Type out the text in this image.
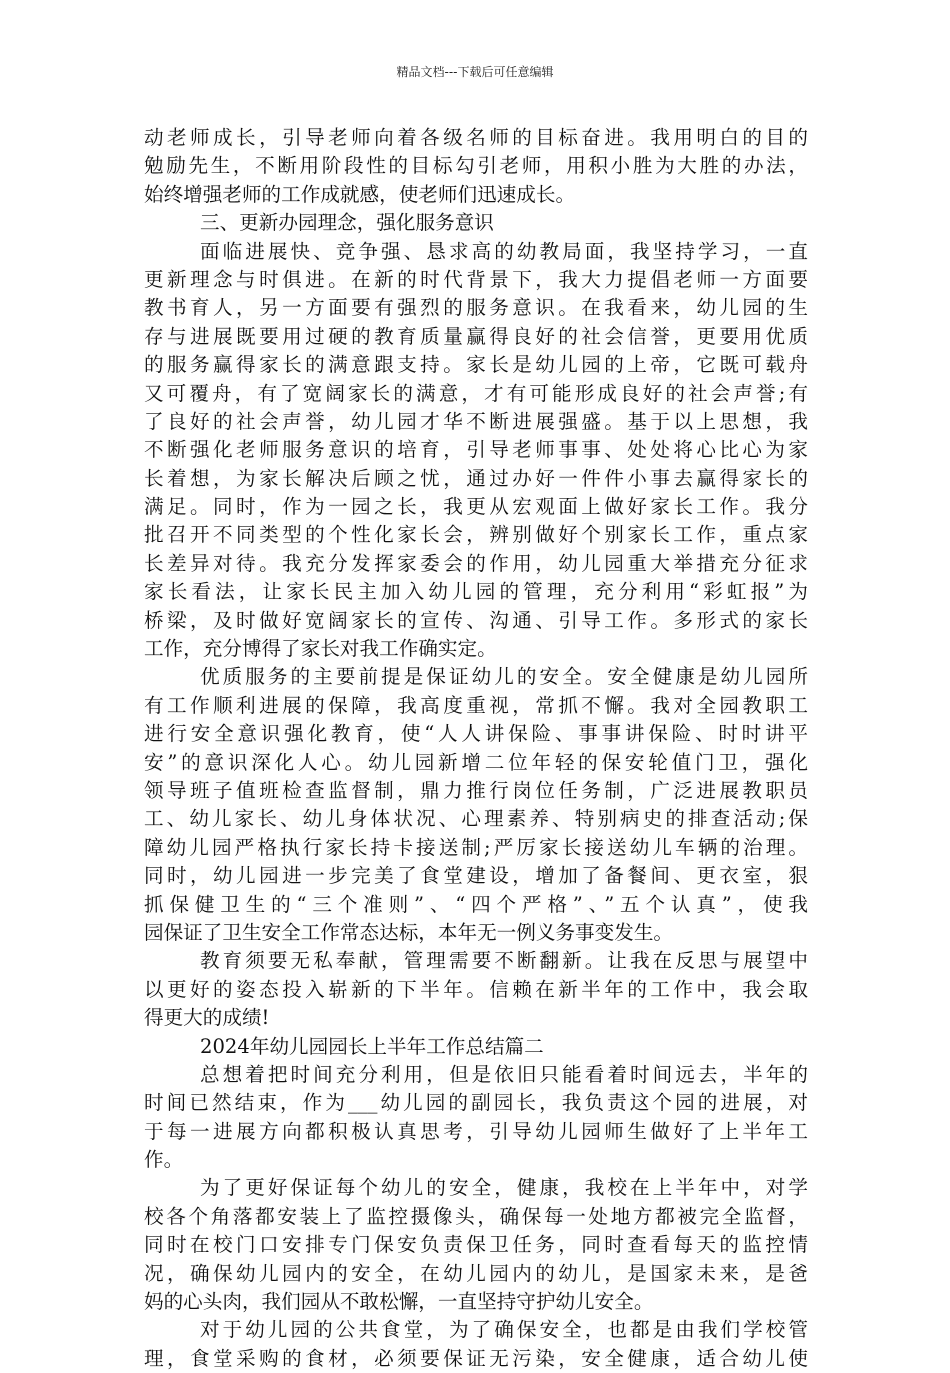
精品文档---下载后可任意编辑
动老师成长，引导老师向着各级名师的目标奋进。我用明白的目的
勉励先生，不断用阶段性的目标勾引老师，用积小胜为大胜的办法，
始终增强老师的工作成就感，使老师们迅速成长。
三、更新办园理念，强化服务意识
面临进展快、竞争强、恳求高的幼教局面，我坚持学习，一直
更新理念与时俱进。在新的时代背景下，我大力提倡老师一方面要
教书育人，另一方面要有强烈的服务意识。在我看来，幼儿园的生
存与进展既要用过硬的教育质量赢得良好的社会信誉，更要用优质
的服务赢得家长的满意跟支持。家长是幼儿园的上帝，它既可载舟
又可覆舟，有了宽阔家长的满意，才有可能形成良好的社会声誉;有
了良好的社会声誉，幼儿园才华不断进展强盛。基于以上思想，我
不断强化老师服务意识的培育，引导老师事事、处处将心比心为家
长着想，为家长解决后顾之忧，通过办好一件件小事去赢得家长的
满足。同时，作为一园之长，我更从宏观面上做好家长工作。我分
批召开不同类型的个性化家长会，辨别做好个别家长工作，重点家
长差异对待。我充分发挥家委会的作用，幼儿园重大举措充分征求
家长看法，让家长民主加入幼儿园的管理，充分利用“彩虹报”为
桥梁，及时做好宽阔家长的宣传、沟通、引导工作。多形式的家长
工作，充分博得了家长对我工作确实定。
优质服务的主要前提是保证幼儿的安全。安全健康是幼儿园所
有工作顺利进展的保障，我高度重视，常抓不懈。我对全园教职工
进行安全意识强化教育，使“人人讲保险、事事讲保险、时时讲平
安”的意识深化人心。幼儿园新增二位年轻的保安轮值门卫，强化
领导班子值班检查监督制，鼎力推行岗位任务制，广泛进展教职员
工、幼儿家长、幼儿身体状况、心理素养、特别病史的排查活动;保
障幼儿园严格执行家长持卡接送制;严厉家长接送幼儿车辆的治理。
同时，幼儿园进一步完美了食堂建设，增加了备餐间、更衣室，狠
抓保健卫生的“三个准则”、“四个严格”、”五个认真”，使我
园保证了卫生安全工作常态达标，本年无一例义务事变发生。
教育须要无私奉献，管理需要不断翻新。让我在反思与展望中
以更好的姿态投入崭新的下半年。信赖在新半年的工作中，我会取
得更大的成绩!
2024年幼儿园园长上半年工作总结篇二
总想着把时间充分利用，但是依旧只能看着时间远去，半年的
时间已然结束，作为___幼儿园的副园长，我负责这个园的进展，对
于每一进展方向都积极认真思考，引导幼儿园师生做好了上半年工
作。
为了更好保证每个幼儿的安全，健康，我校在上半年中，对学
校各个角落都安装上了监控摄像头，确保每一处地方都被完全监督，
同时在校门口安排专门保安负责保卫任务，同时查看每天的监控情
况，确保幼儿园内的安全，在幼儿园内的幼儿，是国家未来，是爸
妈的心头肉，我们园从不敢松懈，一直坚持守护幼儿安全。
对于幼儿园的公共食堂，为了确保安全，也都是由我们学校管
理，食堂采购的食材，必须要保证无污染，安全健康，适合幼儿使
